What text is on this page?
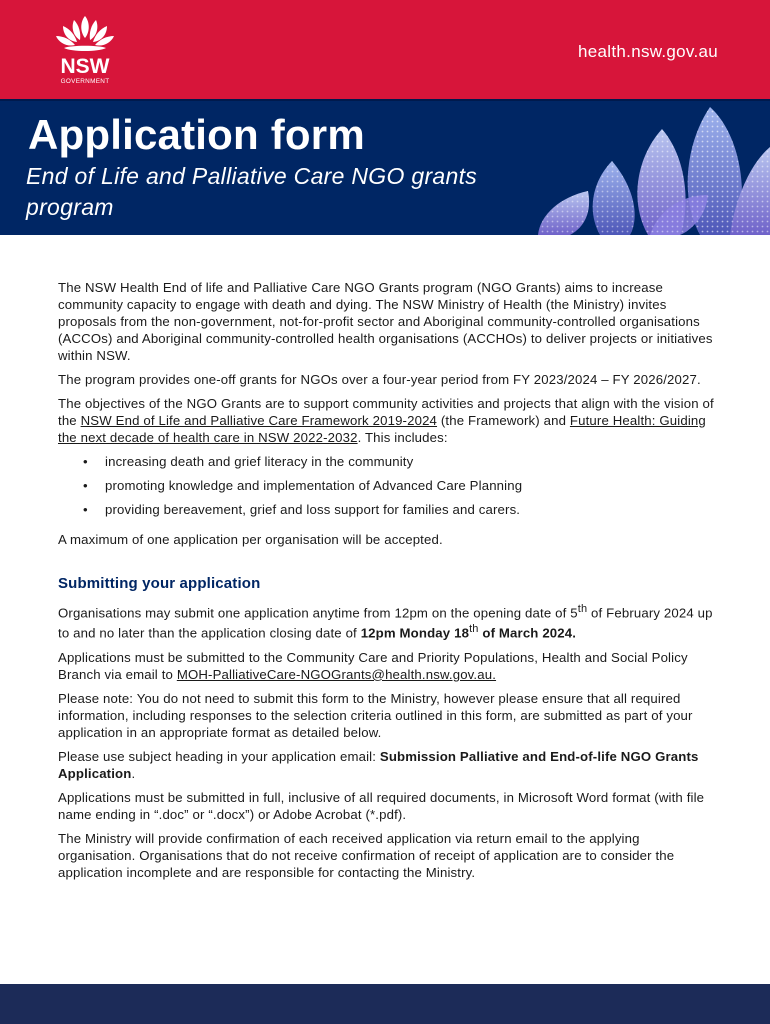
NSW
GOVERNMENT
health.nsw.gov.au
Application form
End of Life and Palliative Care NGO grants program

The NSW Health End of life and Palliative Care NGO Grants program (NGO Grants) aims to increase community capacity to engage with death and dying. The NSW Ministry of Health (the Ministry) invites proposals from the non-government, not-for-profit sector and Aboriginal community-controlled organisations (ACCOs) and Aboriginal community-controlled health organisations (ACCHOs) to deliver projects or initiatives within NSW.

The program provides one-off grants for NGOs over a four-year period from FY 2023/2024 – FY 2026/2027.

The objectives of the NGO Grants are to support community activities and projects that align with the vision of the NSW End of Life and Palliative Care Framework 2019-2024 (the Framework) and Future Health: Guiding the next decade of health care in NSW 2022-2032. This includes:

• increasing death and grief literacy in the community
• promoting knowledge and implementation of Advanced Care Planning
• providing bereavement, grief and loss support for families and carers.

A maximum of one application per organisation will be accepted.

Submitting your application

Organisations may submit one application anytime from 12pm on the opening date of 5th of February 2024 up to and no later than the application closing date of 12pm Monday 18th of March 2024.

Applications must be submitted to the Community Care and Priority Populations, Health and Social Policy Branch via email to MOH-PalliativeCare-NGOGrants@health.nsw.gov.au.

Please note: You do not need to submit this form to the Ministry, however please ensure that all required information, including responses to the selection criteria outlined in this form, are submitted as part of your application in an appropriate format as detailed below.

Please use subject heading in your application email: Submission Palliative and End-of-life NGO Grants Application.

Applications must be submitted in full, inclusive of all required documents, in Microsoft Word format (with file name ending in “.doc” or “.docx”) or Adobe Acrobat (*.pdf).

The Ministry will provide confirmation of each received application via return email to the applying organisation. Organisations that do not receive confirmation of receipt of application are to consider the application incomplete and are responsible for contacting the Ministry.
